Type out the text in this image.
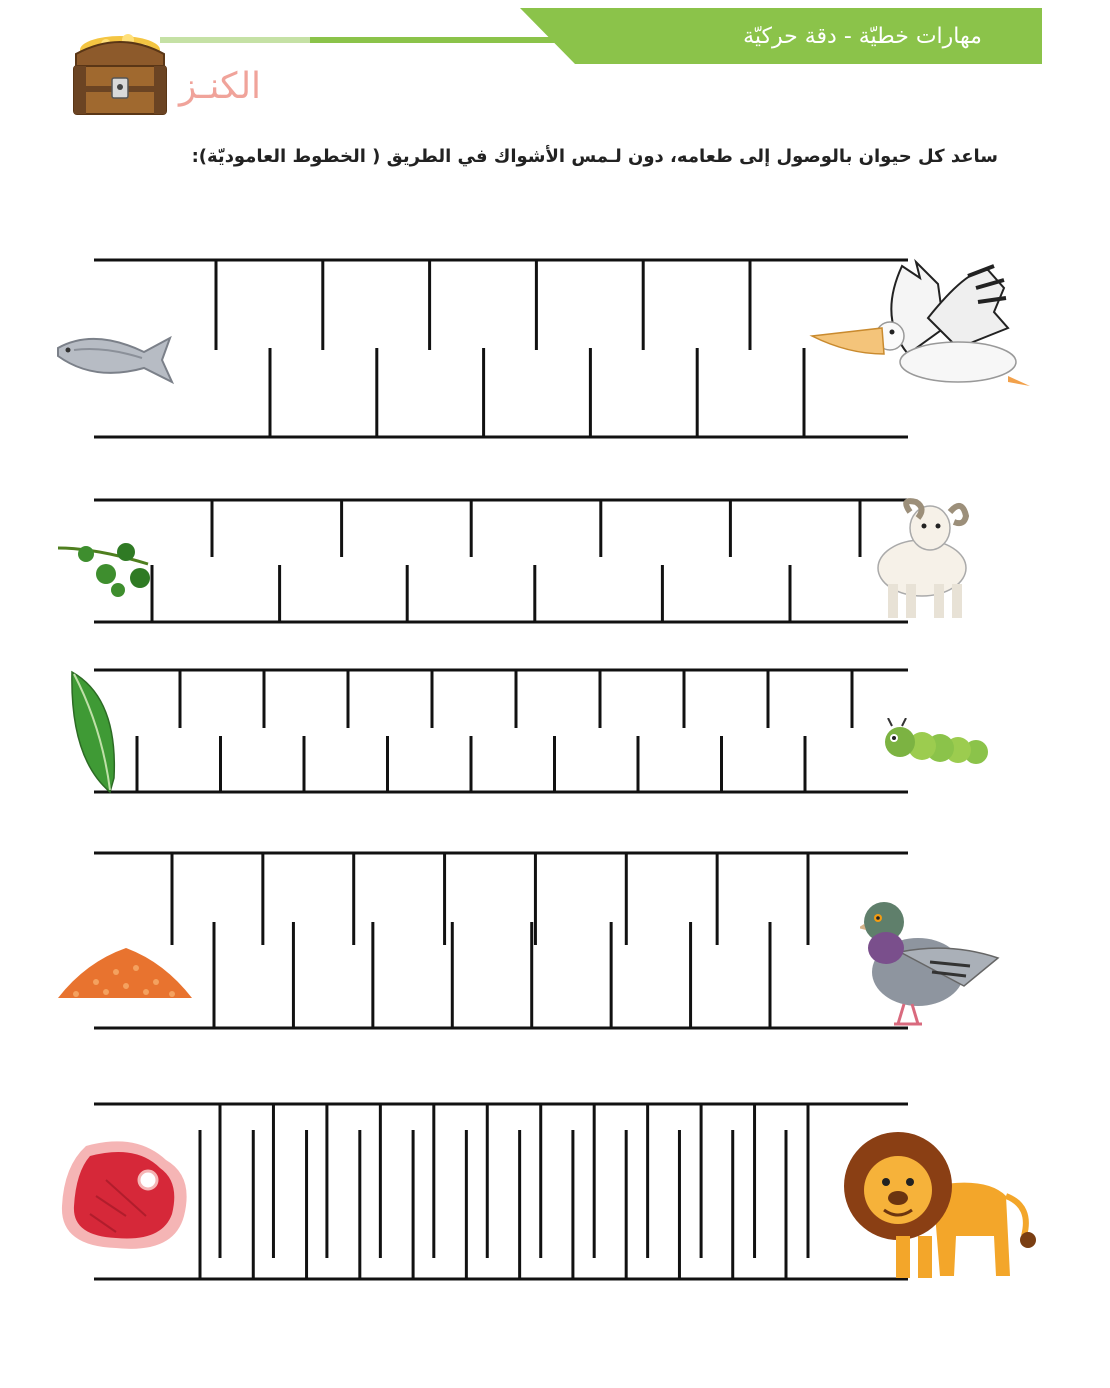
مهارات خطيّة - دقة حركيّة
الكنـز
ساعد كل حيوان بالوصول إلى طعامه، دون لـمس الأشواك في الطريق ( الخطوط العاموديّة):
